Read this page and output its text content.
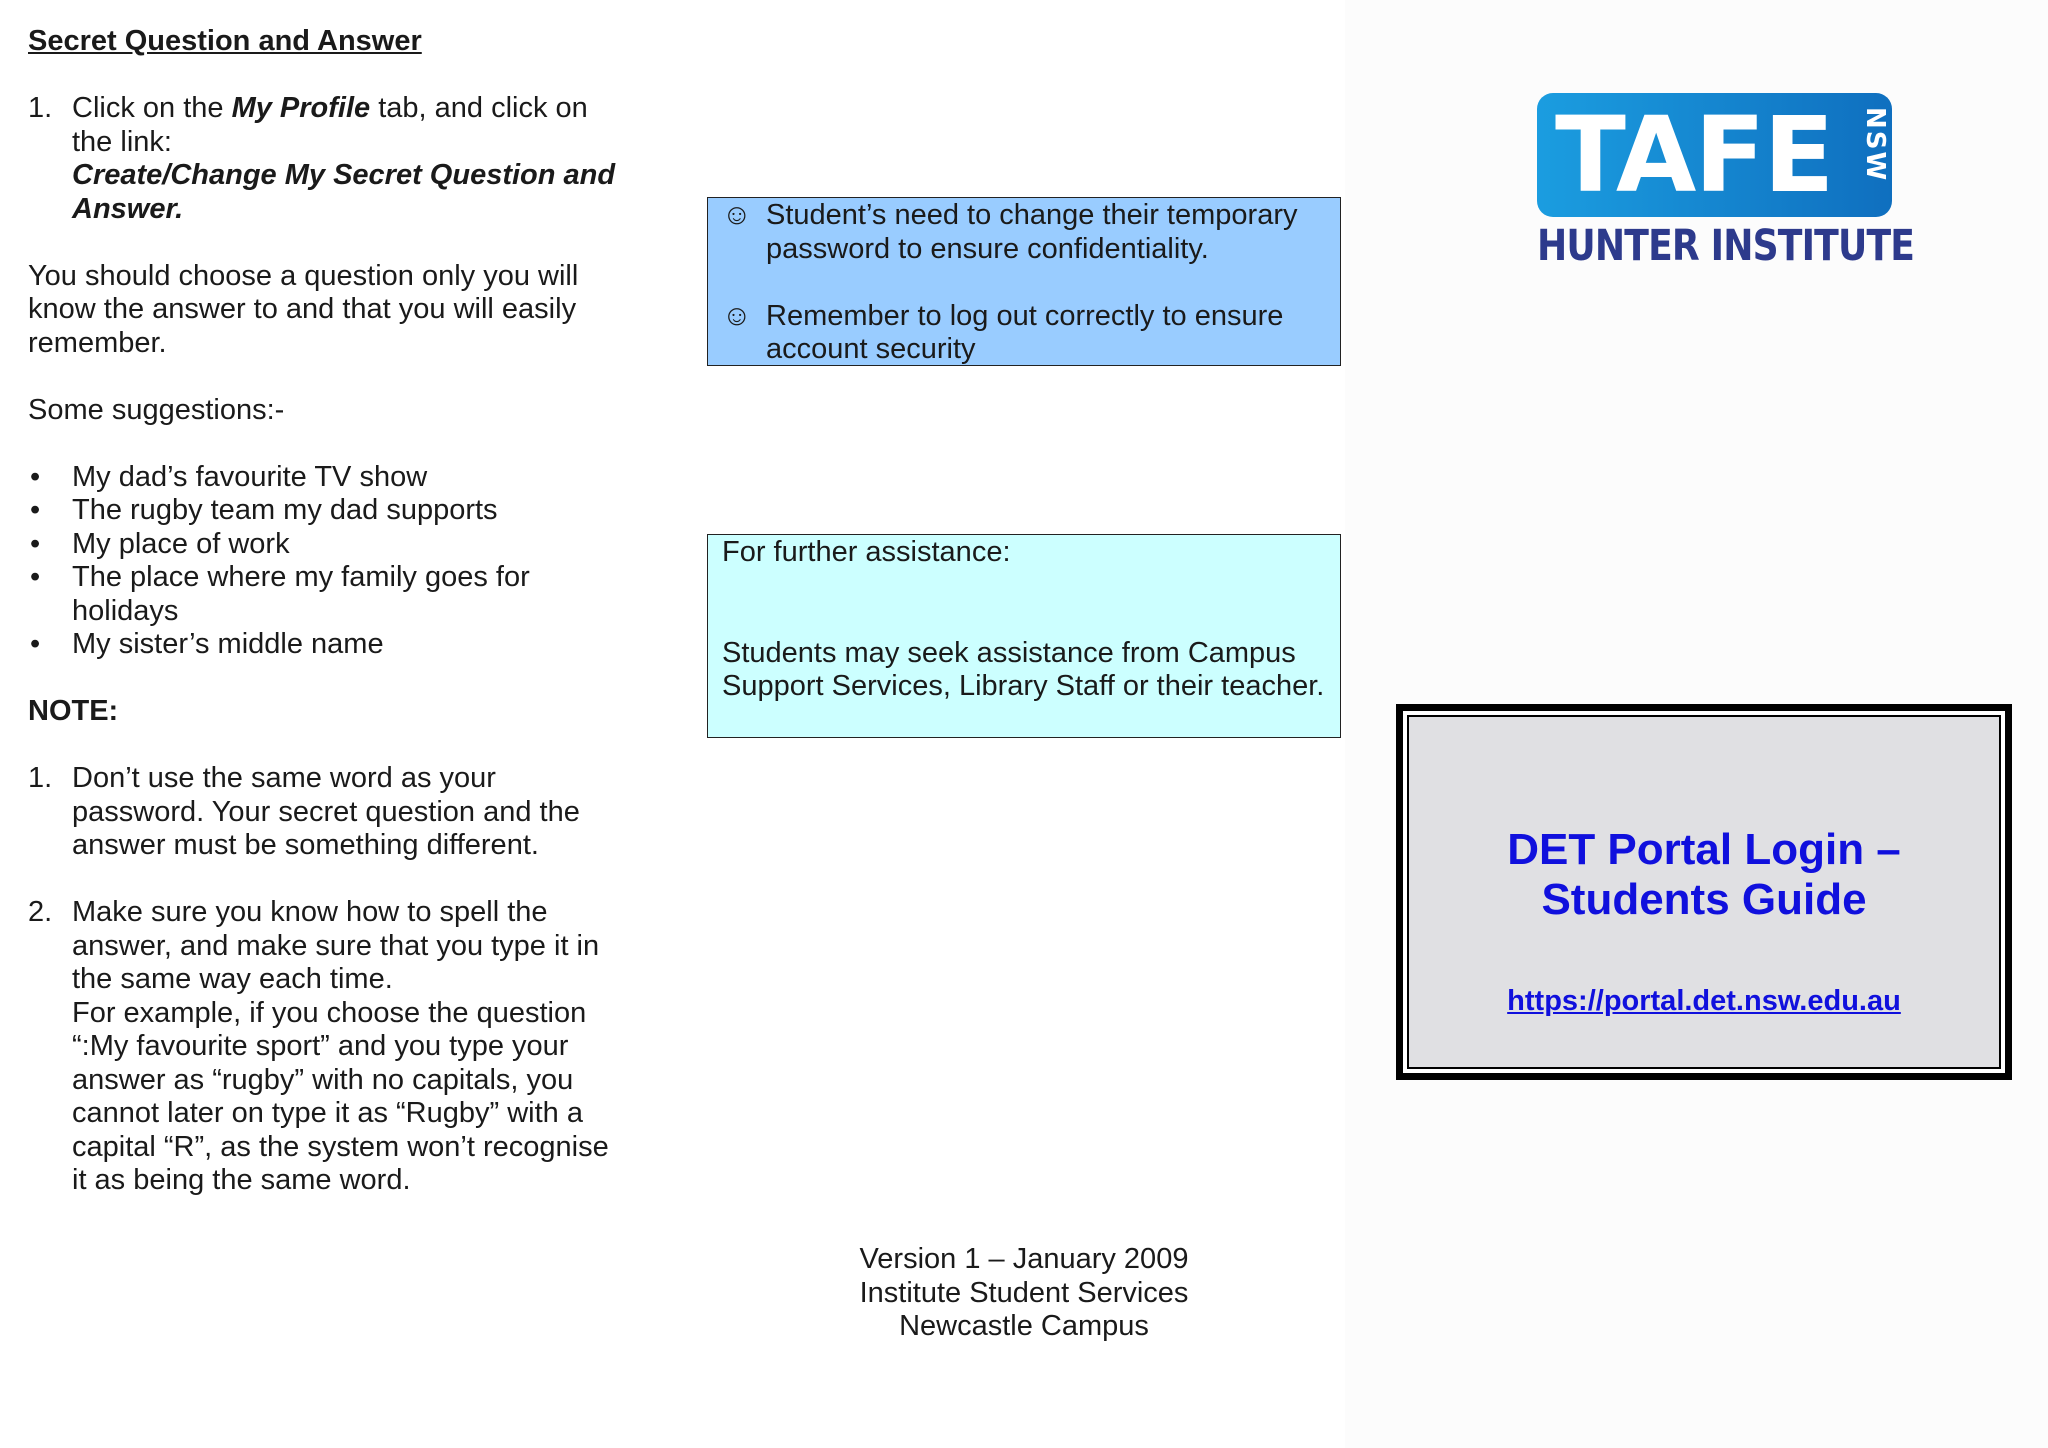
Secret Question and Answer

1. Click on the My Profile tab, and click on the link:
Create/Change My Secret Question and Answer.

You should choose a question only you will know the answer to and that you will easily remember.

Some suggestions:-

• My dad’s favourite TV show
• The rugby team my dad supports
• My place of work
• The place where my family goes for holidays
• My sister’s middle name

NOTE:

1. Don’t use the same word as your password. Your secret question and the answer must be something different.
2. Make sure you know how to spell the answer, and make sure that you type it in the same way each time.
For example, if you choose the question “:My favourite sport” and you type your answer as “rugby” with no capitals, you cannot later on type it as “Rugby” with a capital “R”, as the system won’t recognise it as being the same word.
☺ Student’s need to change their temporary password to ensure confidentiality.
☺ Remember to log out correctly to ensure account security

For further assistance:

Students may seek assistance from Campus Support Services, Library Staff or their teacher.

Version 1 – January 2009
Institute Student Services
Newcastle Campus
TAFE NSW
HUNTER INSTITUTE
DET Portal Login –
Students Guide
https://portal.det.nsw.edu.au
